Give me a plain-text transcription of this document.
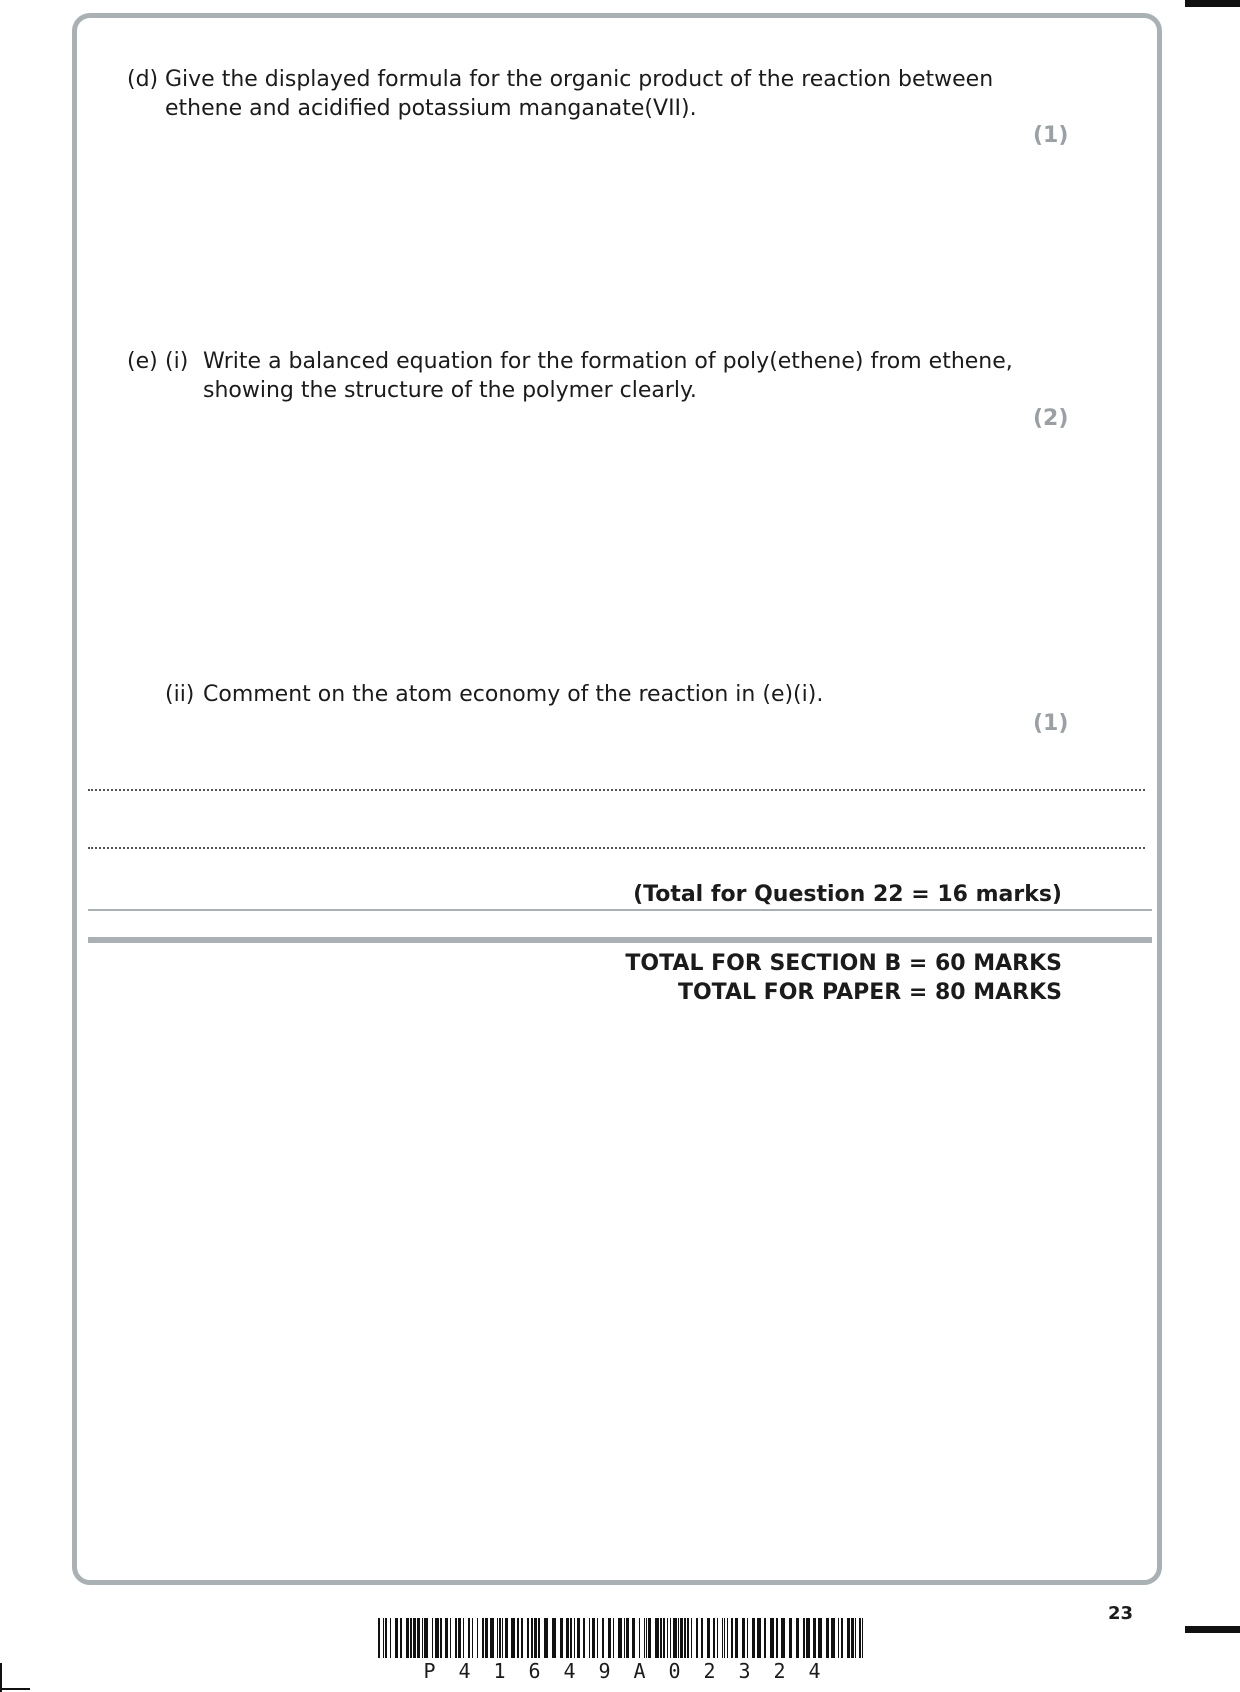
(d) Give the displayed formula for the organic product of the reaction between
ethene and acidified potassium manganate(VII).
(1)
(e) (i) Write a balanced equation for the formation of poly(ethene) from ethene,
showing the structure of the polymer clearly.
(2)
(ii) Comment on the atom economy of the reaction in (e)(i).
(1)
(Total for Question 22 = 16 marks)
TOTAL FOR SECTION B = 60 MARKS
TOTAL FOR PAPER = 80 MARKS
23
P	4	1	6	4	9	A	0	2	3	2	4
